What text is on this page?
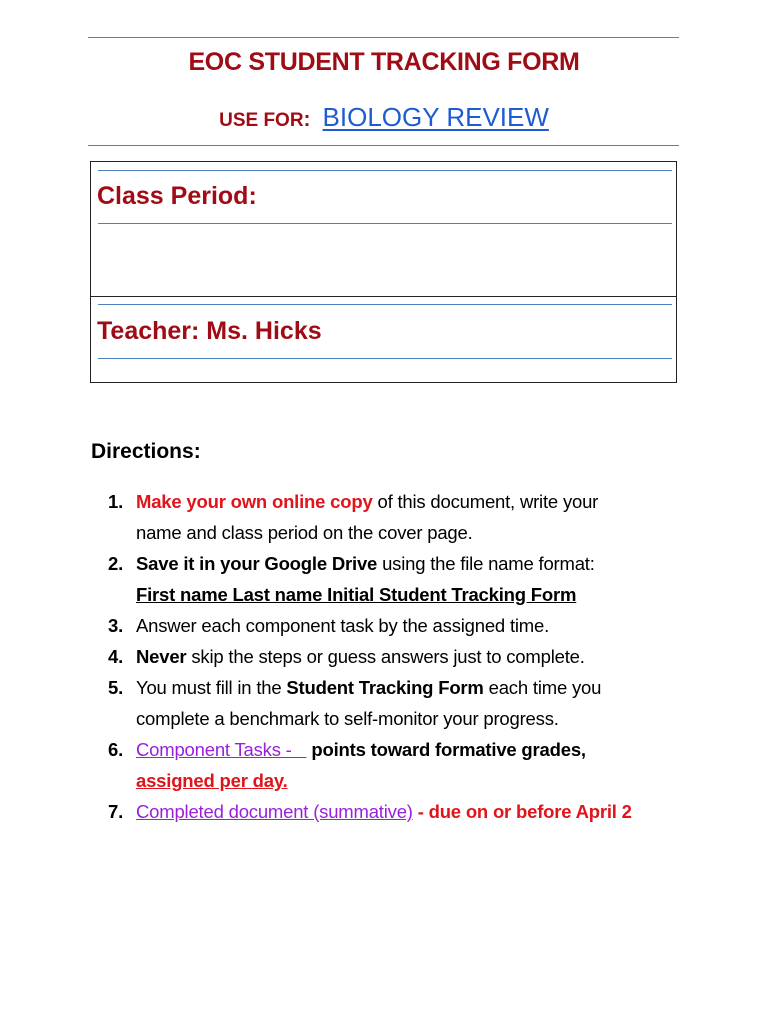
EOC STUDENT TRACKING FORM
USE FOR: BIOLOGY REVIEW
Class Period:
Teacher: Ms. Hicks
Directions:
1. Make your own online copy of this document, write your
name and class period on the cover page.
2. Save it in your Google Drive using the file name format:
First name Last name Initial Student Tracking Form
3. Answer each component task by the assigned time.
4. Never skip the steps or guess answers just to complete.
5. You must fill in the Student Tracking Form each time you
complete a benchmark to self-monitor your progress.
6. Component Tasks -    points toward formative grades,
assigned per day.
7. Completed document (summative) - due on or before April 2
